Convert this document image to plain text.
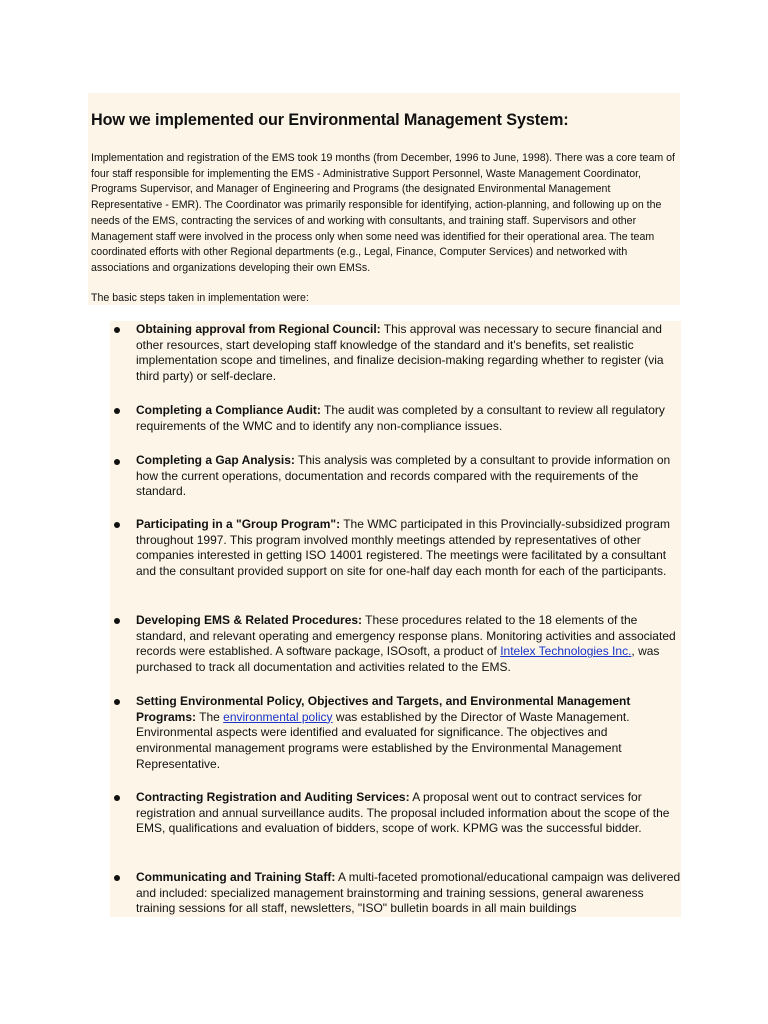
How we implemented our Environmental Management System:

Implementation and registration of the EMS took 19 months (from December, 1996 to June, 1998). There was a core team of four staff responsible for implementing the EMS - Administrative Support Personnel, Waste Management Coordinator, Programs Supervisor, and Manager of Engineering and Programs (the designated Environmental Management Representative - EMR). The Coordinator was primarily responsible for identifying, action-planning, and following up on the needs of the EMS, contracting the services of and working with consultants, and training staff. Supervisors and other Management staff were involved in the process only when some need was identified for their operational area. The team coordinated efforts with other Regional departments (e.g., Legal, Finance, Computer Services) and networked with associations and organizations developing their own EMSs.

The basic steps taken in implementation were:

Obtaining approval from Regional Council: This approval was necessary to secure financial and other resources, start developing staff knowledge of the standard and it's benefits, set realistic implementation scope and timelines, and finalize decision-making regarding whether to register (via third party) or self-declare.

Completing a Compliance Audit: The audit was completed by a consultant to review all regulatory requirements of the WMC and to identify any non-compliance issues.

Completing a Gap Analysis: This analysis was completed by a consultant to provide information on how the current operations, documentation and records compared with the requirements of the standard.

Participating in a "Group Program": The WMC participated in this Provincially-subsidized program throughout 1997. This program involved monthly meetings attended by representatives of other companies interested in getting ISO 14001 registered. The meetings were facilitated by a consultant and the consultant provided support on site for one-half day each month for each of the participants.

Developing EMS & Related Procedures: These procedures related to the 18 elements of the standard, and relevant operating and emergency response plans. Monitoring activities and associated records were established. A software package, ISOsoft, a product of Intelex Technologies Inc., was purchased to track all documentation and activities related to the EMS.

Setting Environmental Policy, Objectives and Targets, and Environmental Management Programs: The environmental policy was established by the Director of Waste Management. Environmental aspects were identified and evaluated for significance. The objectives and environmental management programs were established by the Environmental Management Representative.

Contracting Registration and Auditing Services: A proposal went out to contract services for registration and annual surveillance audits. The proposal included information about the scope of the EMS, qualifications and evaluation of bidders, scope of work. KPMG was the successful bidder.

Communicating and Training Staff: A multi-faceted promotional/educational campaign was delivered and included: specialized management brainstorming and training sessions, general awareness training sessions for all staff, newsletters, "ISO" bulletin boards in all main buildings
